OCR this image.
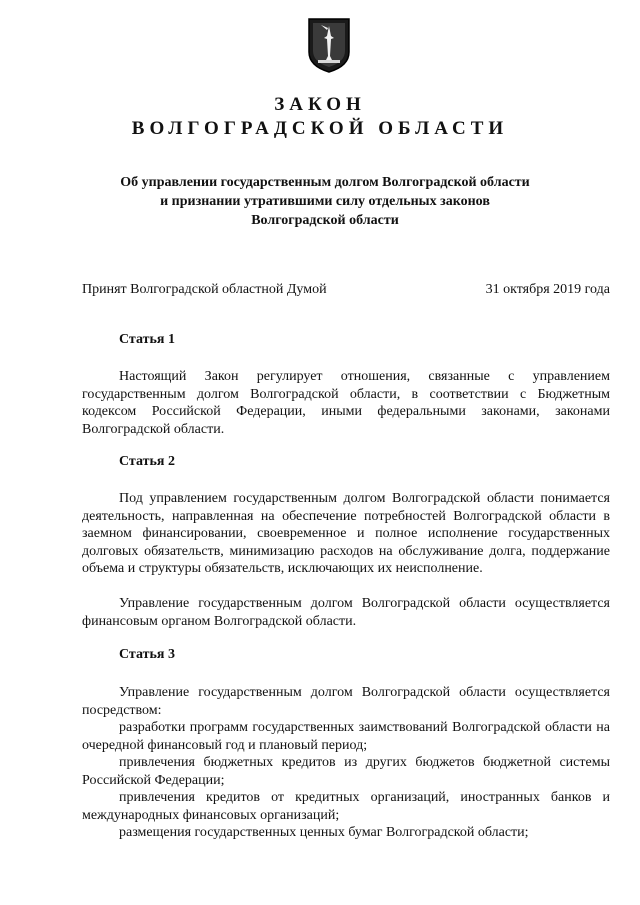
ЗАКОН
ВОЛГОГРАДСКОЙ ОБЛАСТИ
Об управлении государственным долгом Волгоградской области
и признании утратившими силу отдельных законов
Волгоградской области
Принят Волгоградской областной Думой	31 октября 2019 года
Статья 1

Настоящий Закон регулирует отношения, связанные с управлением государственным долгом Волгоградской области, в соответствии с Бюджетным кодексом Российской Федерации, иными федеральными законами, законами Волгоградской области.

Статья 2

Под управлением государственным долгом Волгоградской области понимается деятельность, направленная на обеспечение потребностей Волгоградской области в заемном финансировании, своевременное и полное исполнение государственных долговых обязательств, минимизацию расходов на обслуживание долга, поддержание объема и структуры обязательств, исключающих их неисполнение.

Управление государственным долгом Волгоградской области осуществляется финансовым органом Волгоградской области.

Статья 3

Управление государственным долгом Волгоградской области осуществляется посредством:

разработки программ государственных заимствований Волгоградской области на очередной финансовый год и плановый период;

привлечения бюджетных кредитов из других бюджетов бюджетной системы Российской Федерации;

привлечения кредитов от кредитных организаций, иностранных банков и международных финансовых организаций;

размещения государственных ценных бумаг Волгоградской области;
